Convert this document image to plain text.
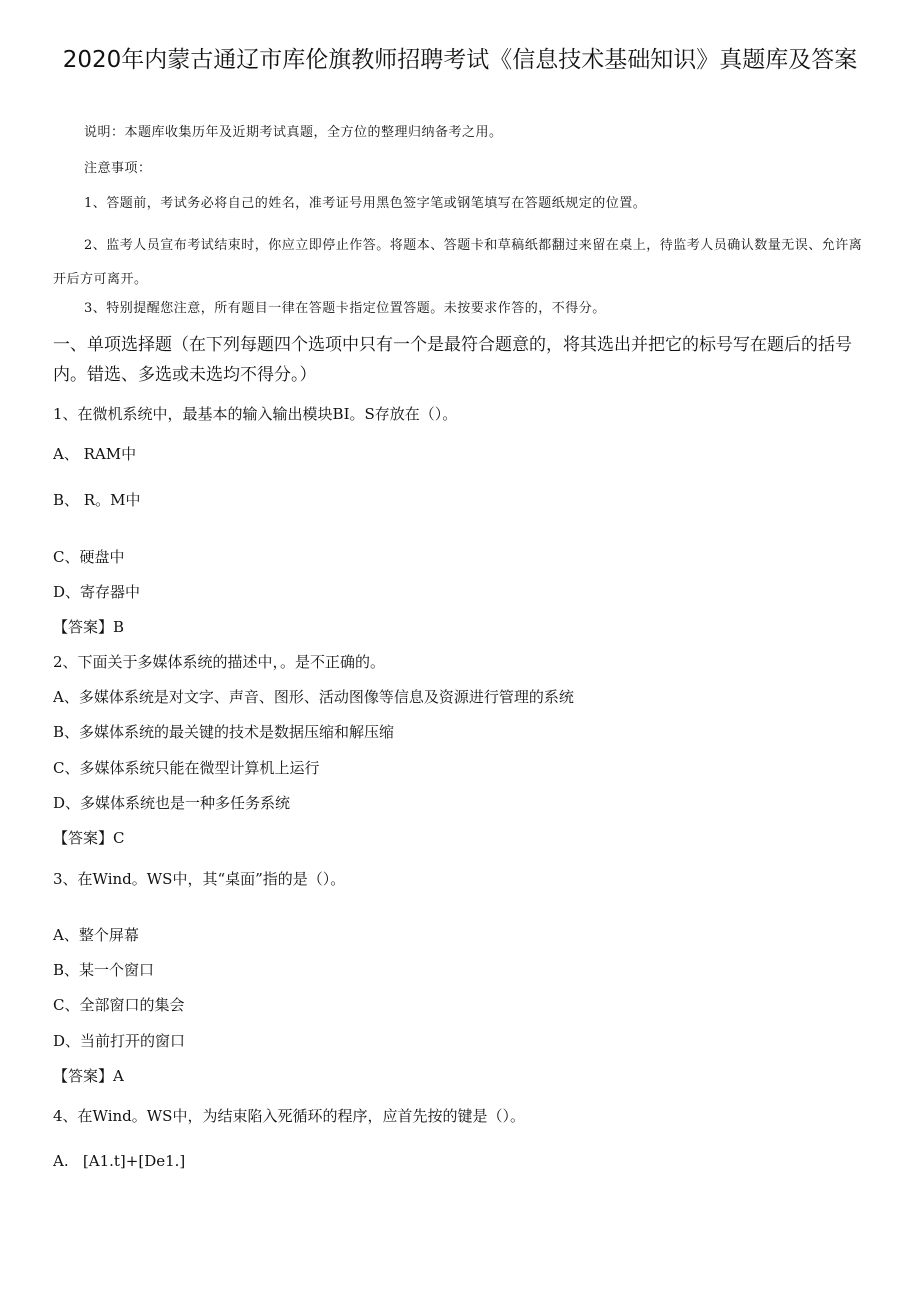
2020年内蒙古通辽市库伦旗教师招聘考试《信息技术基础知识》真题库及答案
说明：本题库收集历年及近期考试真题，全方位的整理归纳备考之用。
注意事项：
1、答题前，考试务必将自己的姓名，准考证号用黑色签字笔或钢笔填写在答题纸规定的位置。
2、监考人员宣布考试结束时，你应立即停止作答。将题本、答题卡和草稿纸都翻过来留在桌上，待监考人员确认数量无误、允许离开后方可离开。
3、特别提醒您注意，所有题目一律在答题卡指定位置答题。未按要求作答的，不得分。
一、单项选择题（在下列每题四个选项中只有一个是最符合题意的，将其选出并把它的标号写在题后的括号内。错选、多选或未选均不得分。）
1、在微机系统中，最基本的输入输出模块BI。S存放在（）。
A、 RAM中
B、 R。M中
C、硬盘中
D、寄存器中
【答案】B
2、下面关于多媒体系统的描述中，。是不正确的。
A、多媒体系统是对文字、声音、图形、活动图像等信息及资源进行管理的系统
B、多媒体系统的最关键的技术是数据压缩和解压缩
C、多媒体系统只能在微型计算机上运行
D、多媒体系统也是一种多任务系统
【答案】C
3、在Wind。WS中，其“桌面”指的是（）。
A、整个屏幕
B、某一个窗口
C、全部窗口的集会
D、当前打开的窗口
【答案】A
4、在Wind。WS中，为结束陷入死循环的程序，应首先按的键是（）。
A.   [A1.t]+[De1.]
